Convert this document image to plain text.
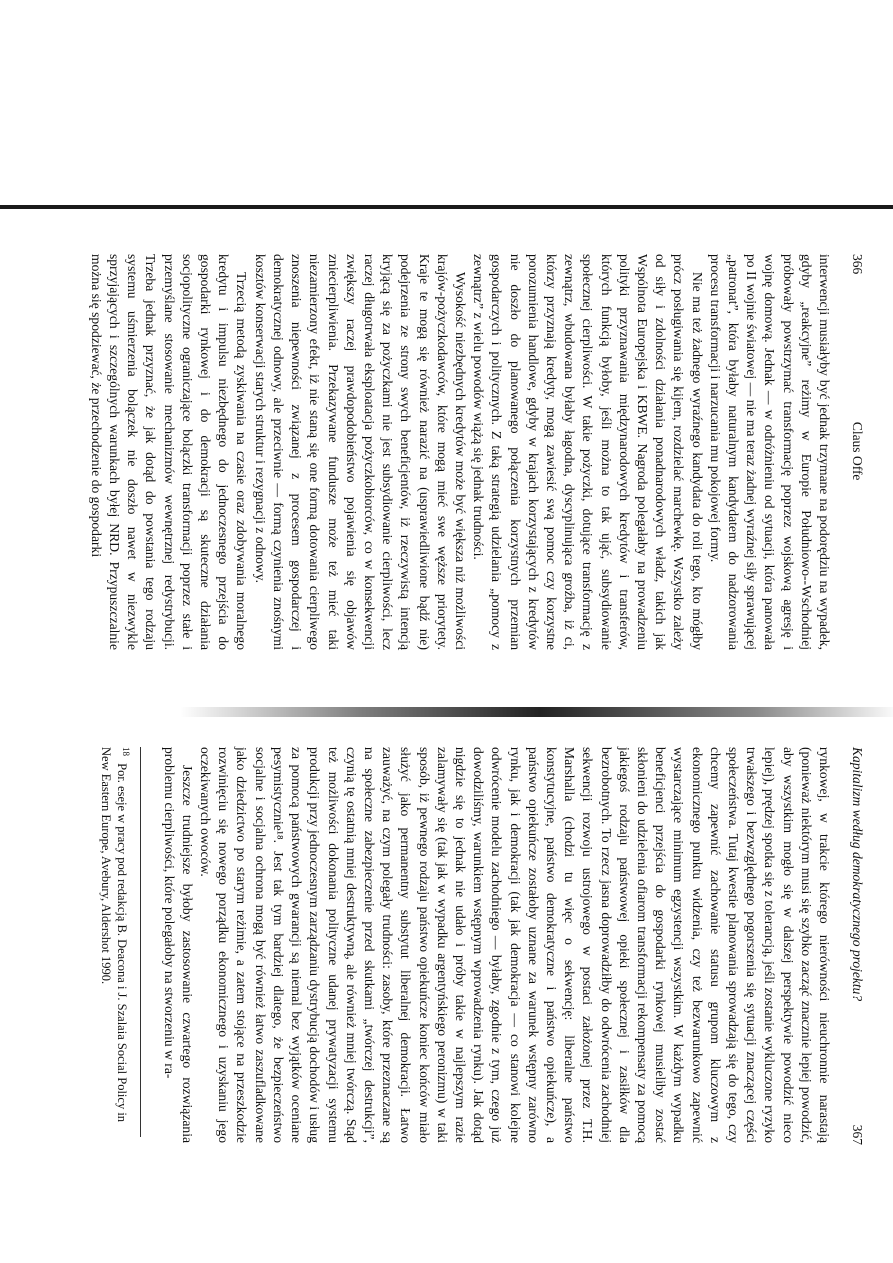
366
Claus Offe

interwencji musiałyby być jednak trzymane na podorędziu na wypadek, gdyby „reakcyjne” reżimy w Europie Południowo--Wschodniej próbowały powstrzymać transformację poprzez wojskową agresję i wojnę domową. Jednak — w odróżnieniu od sytuacji, która panowała po II wojnie światowej — nie ma teraz żadnej wyraźnej siły sprawującej „patronat”, która byłaby naturalnym kandydatem do nadzorowania procesu transformacji i narzucania mu pokojowej formy.

Nie ma też żadnego wyraźnego kandydata do roli tego, kto mógłby prócz posługiwania się kijem, rozdzielać marchewkę. Wszystko zależy od siły i zdolności działania ponadnarodowych władz, takich jak Wspólnota Europejska i KBWE. Nagroda polegałaby na prowadzeniu polityki przyznawania międzynarodowych kredytów i transferów, których funkcją byłoby, jeśli można to tak ująć, subsydiowanie społecznej cierpliwości. W takie pożyczki, dotujące transformację z zewnątrz, wbudowana byłaby łagodna, dyscyplinująca groźba, iż ci, którzy przyznają kredyty, mogą zawiesić swą pomoc czy korzystne porozumienia handlowe, gdyby w krajach korzystających z kredytów nie doszło do planowanego połączenia korzystnych przemian gospodarczych i politycznych. Z taką strategią udzielania „pomocy z zewnątrz” z wielu powodów wiążą się jednak trudności.

Wysokość niezbędnych kredytów może być większa niż możliwości krajów-pożyczkodawców, które mogą mieć swe węższe priorytety. Kraje te mogą się również narazić na (usprawiedliwione bądź nie) podejrzenia ze strony swych beneficjentów, iż rzeczywistą intencją kryjącą się za pożyczkami nie jest subsydiowanie cierpliwości, lecz raczej długotrwała eksploatacja pożyczkobiorców, co w konsekwencji zwiększy raczej prawdopodobieństwo pojawienia się objawów zniecierpliwienia. Przekazywane fundusze może też mieć taki niezamierzony efekt, iż nie staną się one formą dotowania cierpliwego znoszenia niepewności związanej z procesem gospodarczej i demokratycznej odnowy, ale przeciwnie — formą czynienia znośnymi kosztów konserwacji starych struktur i rezygnacji z odnowy.

Trzecią metodą zyskiwania na czasie oraz zdobywania moralnego kredytu i impulsu niezbędnego do jednoczesnego przejścia do gospodarki rynkowej i do demokracji są skuteczne działania socjopolityczne ograniczające bolączki transformacji poprzez stałe i przemyślane stosowanie mechanizmów wewnętrznej redystrybucji. Trzeba jednak przyznać, że jak dotąd do powstania tego rodzaju systemu uśmierzenia bolączek nie doszło nawet w niezwykle sprzyjających i szczególnych warunkach byłej NRD. Przypuszczalnie można się spodziewać, że przechodzenie do gospodarki

Kapitalizm według demokratycznego projektu?
367

rynkowej, w trakcie którego nierówności nieuchronnie narastają (ponieważ niektórym musi się szybko zacząć znacznie lepiej powodzić, aby wszystkim mogło się w dalszej perspektywie powodzić nieco lepiej), prędzej spotka się z tolerancją, jeśli zostanie wykluczone ryzyko trwałszego i bezwzględnego pogorszenia się sytuacji znaczącej części społeczeństwa. Tutaj kwestie planowania sprowadzają się do tego, czy chcemy zapewnić zachowanie statusu grupom kluczowym z ekonomicznego punktu widzenia, czy też bezwarunkowo zapewnić wystarczające minimum egzystencji wszystkim. W każdym wypadku beneficjenci przejścia do gospodarki rynkowej musieliby zostać skłonieni do udzielenia ofiarom transformacji rekompensaty za pomocą jakiegoś rodzaju państwowej opieki społecznej i zasiłków dla bezrobotnych. To rzecz jasna doprowadziłby do odwrócenia zachodniej sekwencji rozwoju ustrojowego w postaci założonej przez T.H. Marshalla (chodzi tu więc o sekwencję: liberalne państwo konstytucyjne, państwo demokratyczne i państwo opiekuńcze), a państwo opiekuńcze zostałoby uznane za warunek wstępny zarówno rynku, jak i demokracji (tak jak demokracja — co stanowi kolejne odwrócenie modelu zachodniego — byłaby, zgodnie z tym, czego już dowodziliśmy, warunkiem wstępnym wprowadzenia rynku). Jak dotąd nigdzie się to jednak nie udało i próby takie w najlepszym razie zalamywały się (tak jak w wypadku argentyńskiego peronizmu) w taki sposób, iż pewnego rodzaju państwo opiekuńcze koniec końców miało służyć jako permanentny substytut liberalnej demokracji. Łatwo zauważyć, na czym polegały trudności: zasoby, które przeznaczane są na społeczne zabezpieczenie przed skutkami „twórczej destrukcji”, czynią tę ostatnią mniej destruktywną, ale również mniej twórczą. Stąd też możliwości dokonania polityczne udanej prywatyzacji systemu produkcji przy jednoczesnym zarządzaniu dystrybucją dochodów i usług za pomocą państwowych gwarancji są niemal bez wyjątków oceniane pesymistycznie¹⁸. Jest tak tym bardziej dlatego, że bezpieczeństwo socjalne i socjalna ochrona mogą być również łatwo zaszufladkowane jako dziedzictwo po starym reżimie, a zatem stojące na przeszkodzie rozwinięciu się nowego porządku ekonomicznego i uzyskaniu jego oczekiwanych owoców.

Jeszcze trudniejsze byłoby zastosowanie czwartego rozwiązania problemu cierpliwości, które polegałoby na stworzeniu w ra-

$^{18}$ Por. eseje w pracy pod redakcją B. Deacona i J. Szalaia Social Policy in New Eastern Europe, Avebury, Aldershot 1990.
